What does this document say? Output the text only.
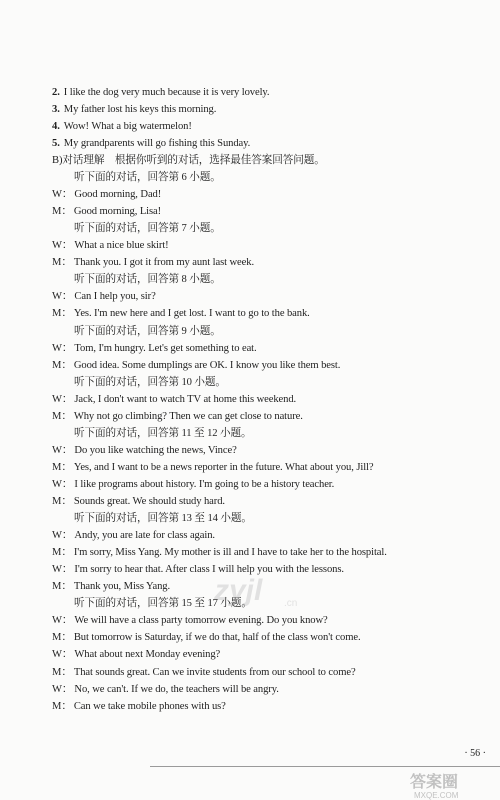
2. I like the dog very much because it is very lovely.
3. My father lost his keys this morning.
4. Wow! What a big watermelon!
5. My grandparents will go fishing this Sunday.
B)对话理解　根据你听到的对话，选择最佳答案回答问题。
听下面的对话，回答第 6 小题。
W： Good morning, Dad!
M： Good morning, Lisa!
听下面的对话，回答第 7 小题。
W： What a nice blue skirt!
M： Thank you. I got it from my aunt last week.
听下面的对话，回答第 8 小题。
W： Can I help you, sir?
M： Yes. I'm new here and I get lost. I want to go to the bank.
听下面的对话，回答第 9 小题。
W： Tom, I'm hungry. Let's get something to eat.
M： Good idea. Some dumplings are OK. I know you like them best.
听下面的对话，回答第 10 小题。
W： Jack, I don't want to watch TV at home this weekend.
M： Why not go climbing? Then we can get close to nature.
听下面的对话，回答第 11 至 12 小题。
W： Do you like watching the news, Vince?
M： Yes, and I want to be a news reporter in the future. What about you, Jill?
W： I like programs about history. I'm going to be a history teacher.
M： Sounds great. We should study hard.
听下面的对话，回答第 13 至 14 小题。
W： Andy, you are late for class again.
M： I'm sorry, Miss Yang. My mother is ill and I have to take her to the hospital.
W： I'm sorry to hear that. After class I will help you with the lessons.
M： Thank you, Miss Yang.
听下面的对话，回答第 15 至 17 小题。
W： We will have a class party tomorrow evening. Do you know?
M： But tomorrow is Saturday, if we do that, half of the class won't come.
W： What about next Monday evening?
M： That sounds great. Can we invite students from our school to come?
W： No, we can't. If we do, the teachers will be angry.
M： Can we take mobile phones with us?
zyjl .cn
· 56 ·
答案圈
MXQE.COM
